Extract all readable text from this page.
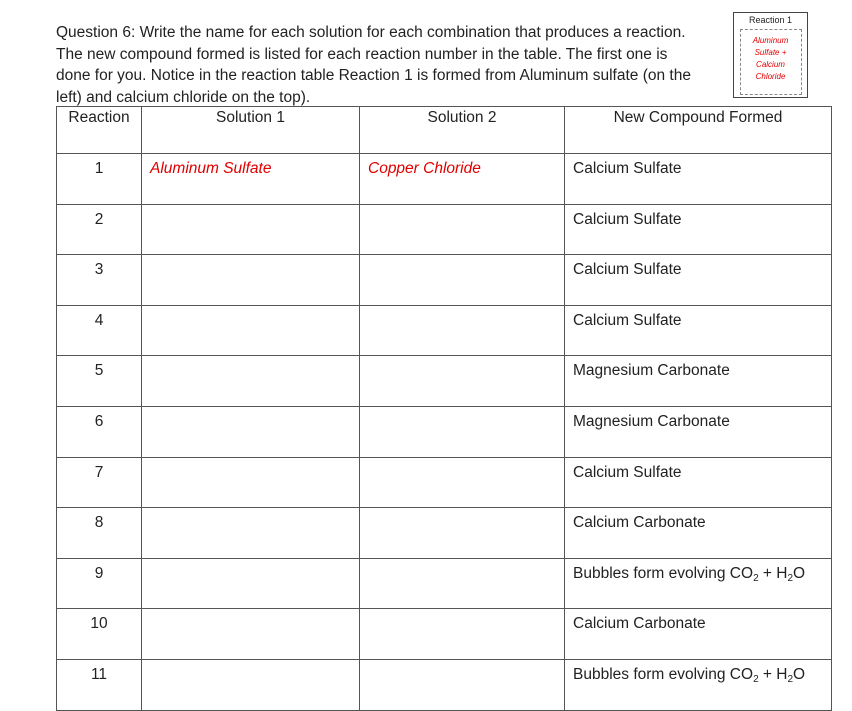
Question 6: Write the name for each solution for each combination that produces a reaction.
The new compound formed is listed for each reaction number in the table. The first one is
done for you. Notice in the reaction table Reaction 1 is formed from Aluminum sulfate (on the
left) and calcium chloride on the top).
Reaction 1
Aluminum
Sulfate +
Calcium
Chloride
Reaction	Solution 1	Solution 2	New Compound Formed
1	Aluminum Sulfate	Copper Chloride	Calcium Sulfate
2			Calcium Sulfate
3			Calcium Sulfate
4			Calcium Sulfate
5			Magnesium Carbonate
6			Magnesium Carbonate
7			Calcium Sulfate
8			Calcium Carbonate
9			Bubbles form evolving $CO_2 + H_2O$
10			Calcium Carbonate
11			Bubbles form evolving $CO_2 + H_2O$
